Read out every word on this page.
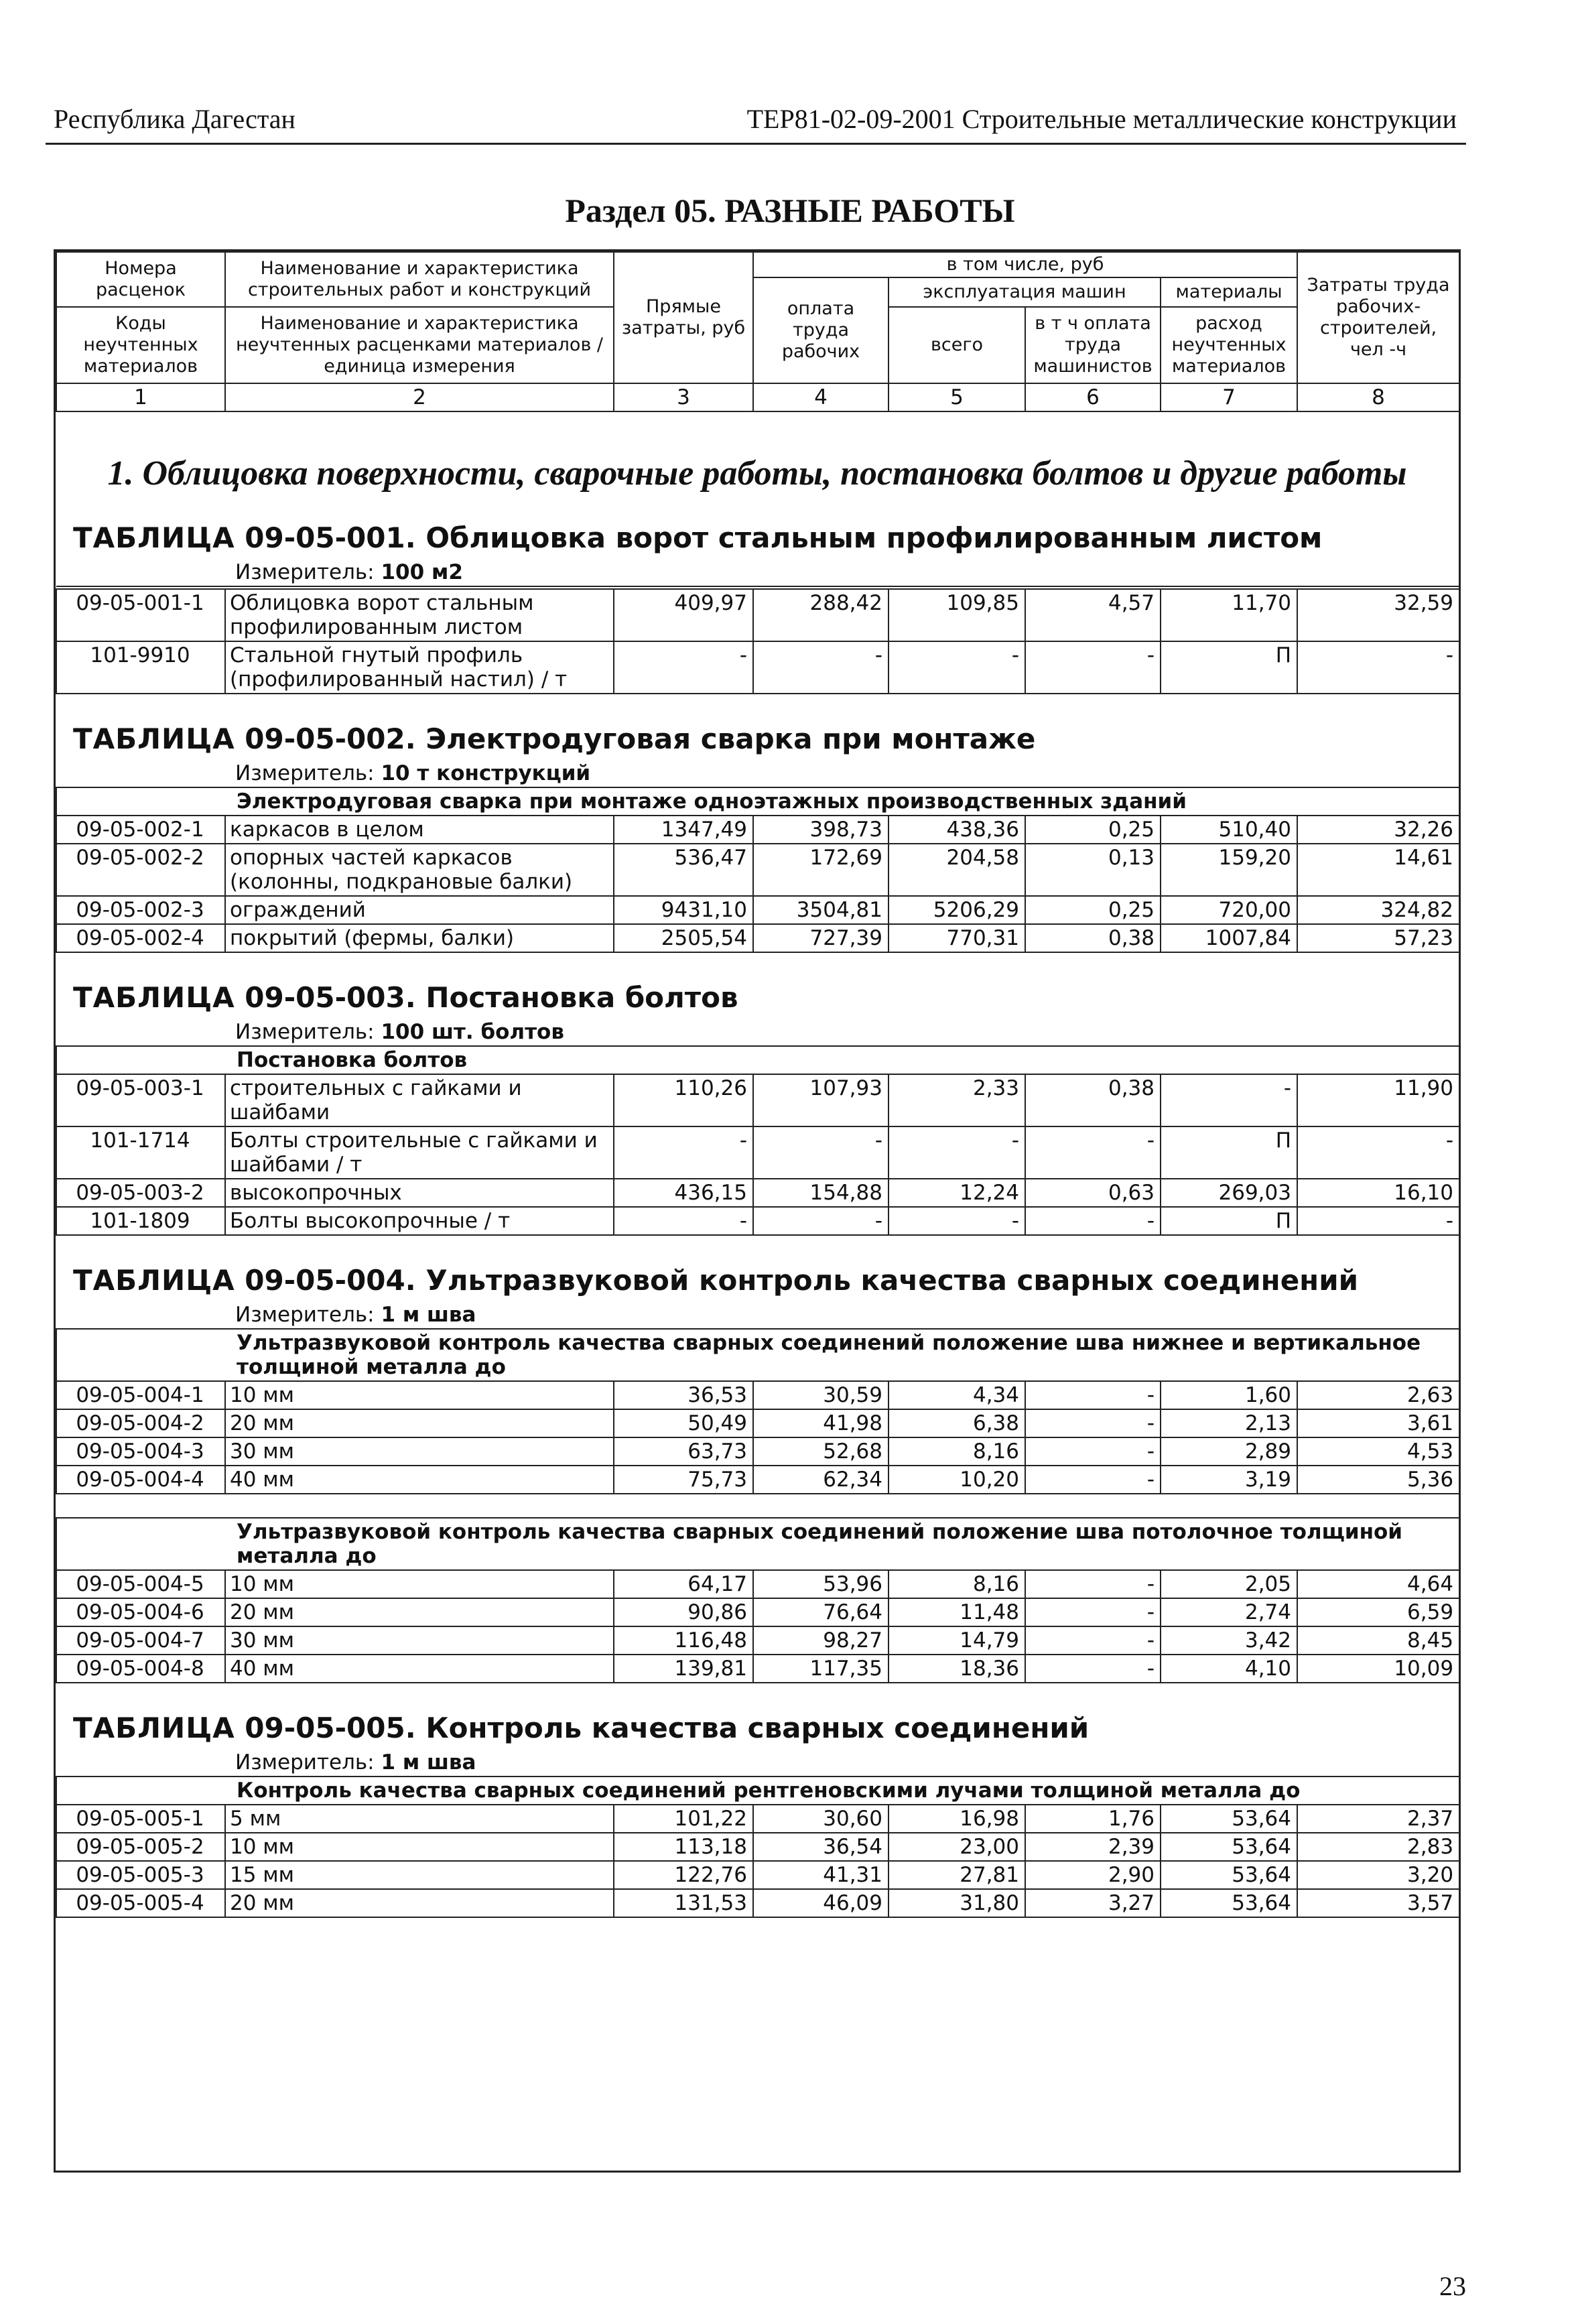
Республика Дагестан	ТЕР81-02-09-2001 Строительные металлические конструкции
Раздел 05. РАЗНЫЕ РАБОТЫ
Номера расценок	Наименование и характеристика строительных работ и конструкций	Прямые затраты, руб	в том числе, руб				Затраты труда рабочих-строителей, чел -ч
			оплата труда рабочих	эксплуатация машин		материалы	
Коды неучтенных материалов	Наименование и характеристика неучтенных расценками материалов / единица измерения			всего	в т ч оплата труда машинистов	расход неучтенных материалов	

1	2	3	4	5	6	7	8
1. Облицовка поверхности, сварочные работы, постановка болтов и другие работы
ТАБЛИЦА 09-05-001. Облицовка ворот стальным профилированным листом
Измеритель: 100 м2

09-05-001-1	Облицовка ворот стальным профилированным листом	409,97	288,42	109,85	4,57	11,70	32,59
101-9910	Стальной гнутый профиль (профилированный настил) / т	-	-	-	-	П	-
ТАБЛИЦА 09-05-002. Электродуговая сварка при монтаже
Измеритель: 10 т конструкций
Электродуговая сварка при монтаже одноэтажных производственных зданий							
09-05-002-1	каркасов в целом	1347,49	398,73	438,36	0,25	510,40	32,26
09-05-002-2	опорных частей каркасов (колонны, подкрановые балки)	536,47	172,69	204,58	0,13	159,20	14,61
09-05-002-3	ограждений	9431,10	3504,81	5206,29	0,25	720,00	324,82
09-05-002-4	покрытий (фермы, балки)	2505,54	727,39	770,31	0,38	1007,84	57,23
ТАБЛИЦА 09-05-003. Постановка болтов
Измеритель: 100 шт. болтов
Постановка болтов							
09-05-003-1	строительных с гайками и шайбами	110,26	107,93	2,33	0,38	-	11,90
101-1714	Болты строительные с гайками и шайбами / т	-	-	-	-	П	-
09-05-003-2	высокопрочных	436,15	154,88	12,24	0,63	269,03	16,10
101-1809	Болты высокопрочные / т	-	-	-	-	П	-
ТАБЛИЦА 09-05-004. Ультразвуковой контроль качества сварных соединений
Измеритель: 1 м шва
Ультразвуковой контроль качества сварных соединений положение шва нижнее и вертикальное толщиной металла до							
09-05-004-1	10 мм	36,53	30,59	4,34	-	1,60	2,63
09-05-004-2	20 мм	50,49	41,98	6,38	-	2,13	3,61
09-05-004-3	30 мм	63,73	52,68	8,16	-	2,89	4,53
09-05-004-4	40 мм	75,73	62,34	10,20	-	3,19	5,36

Ультразвуковой контроль качества сварных соединений положение шва потолочное толщиной металла до							
09-05-004-5	10 мм	64,17	53,96	8,16	-	2,05	4,64
09-05-004-6	20 мм	90,86	76,64	11,48	-	2,74	6,59
09-05-004-7	30 мм	116,48	98,27	14,79	-	3,42	8,45
09-05-004-8	40 мм	139,81	117,35	18,36	-	4,10	10,09
ТАБЛИЦА 09-05-005. Контроль качества сварных соединений
Измеритель: 1 м шва
Контроль качества сварных соединений рентгеновскими лучами толщиной металла до							
09-05-005-1	5 мм	101,22	30,60	16,98	1,76	53,64	2,37
09-05-005-2	10 мм	113,18	36,54	23,00	2,39	53,64	2,83
09-05-005-3	15 мм	122,76	41,31	27,81	2,90	53,64	3,20
09-05-005-4	20 мм	131,53	46,09	31,80	3,27	53,64	3,57
23
